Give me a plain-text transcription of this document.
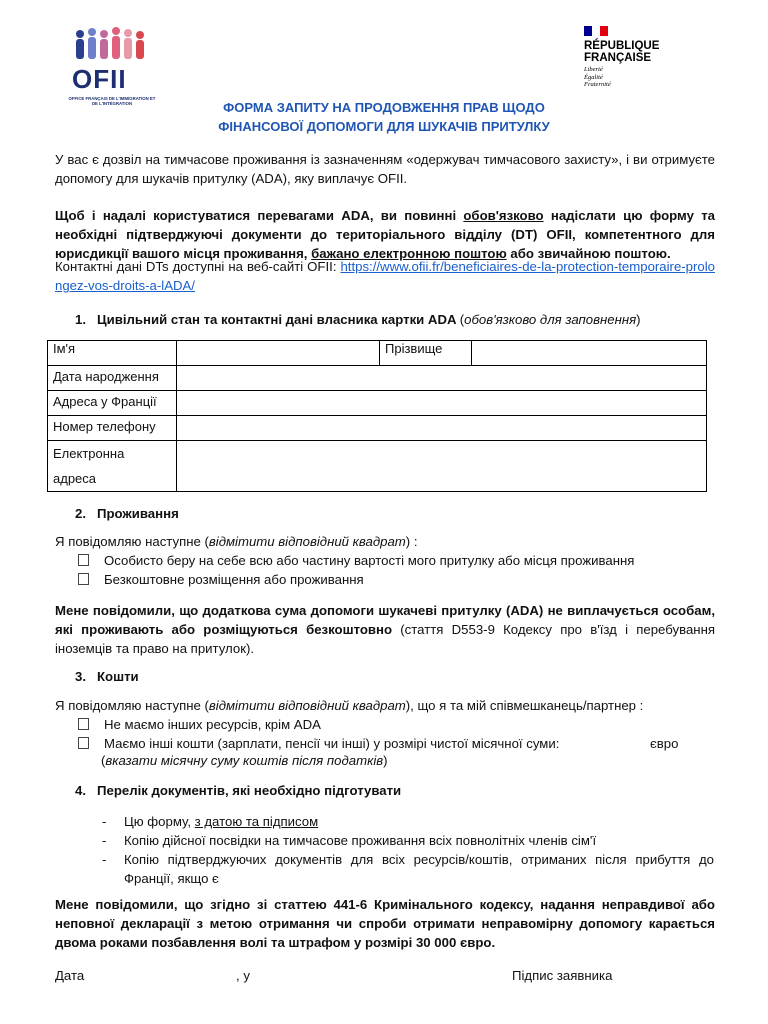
OFII
OFFICE FRANÇAIS DE L'IMMIGRATION ET DE L'INTÉGRATION
RÉPUBLIQUE FRANÇAISE
Liberté
Égalité
Fraternité
ФОРМА ЗАПИТУ НА ПРОДОВЖЕННЯ ПРАВ ЩОДО
ФІНАНСОВОЇ ДОПОМОГИ ДЛЯ ШУКАЧІВ ПРИТУЛКУ
У вас є дозвіл на тимчасове проживання із зазначенням «одержувач тимчасового захисту», і ви отримуєте допомогу для шукачів притулку (ADA), яку виплачує OFII.
Щоб і надалі користуватися перевагами ADA, ви повинні обов'язково надіслати цю форму та необхідні підтверджуючі документи до територіального відділу (DT) OFII, компетентного для юрисдикції вашого місця проживання, бажано електронною поштою або звичайною поштою.
Контактні дані DTs доступні на веб-сайті OFII: https://www.ofii.fr/beneficiaires-de-la-protection-temporaire-prolongez-vos-droits-a-lADA/
1. Цивільний стан та контактні дані власника картки ADA (обов'язково для заповнення)
Ім'я		Прізвище	
Дата народження			
Адреса у Франції			
Номер телефону			

Електронна
адреса			

2. Проживання
Я повідомляю наступне (відмітити відповідний квадрат) :
Особисто беру на себе всю або частину вартості мого притулку або місця проживання
Безкоштовне розміщення або проживання
Мене повідомили, що додаткова сума допомоги шукачеві притулку (ADA) не виплачується особам, які проживають або розміщуються безкоштовно (стаття D553-9 Кодексу про в'їзд і перебування іноземців та право на притулок).
3. Кошти
Я повідомляю наступне (відмітити відповідний квадрат), що я та мій співмешканець/партнер :
Не маємо інших ресурсів, крім ADA
Маємо інші кошти (зарплати, пенсії чи інші) у розмірі чистої місячної суми:	євро
(вказати місячну суму коштів після податків)
4. Перелік документів, які необхідно підготувати
- Цю форму, з датою та підписом
- Копію дійсної посвідки на тимчасове проживання всіх повнолітніх членів сім'ї
- Копію підтверджуючих документів для всіх ресурсів/коштів, отриманих після прибуття до Франції, якщо є
Мене повідомили, що згідно зі статтею 441-6 Кримінального кодексу, надання неправдивої або неповної декларації з метою отримання чи спроби отримати неправомірну допомогу карається двома роками позбавлення волі та штрафом у розмірі 30 000 євро.
Дата	, у	Підпис заявника
